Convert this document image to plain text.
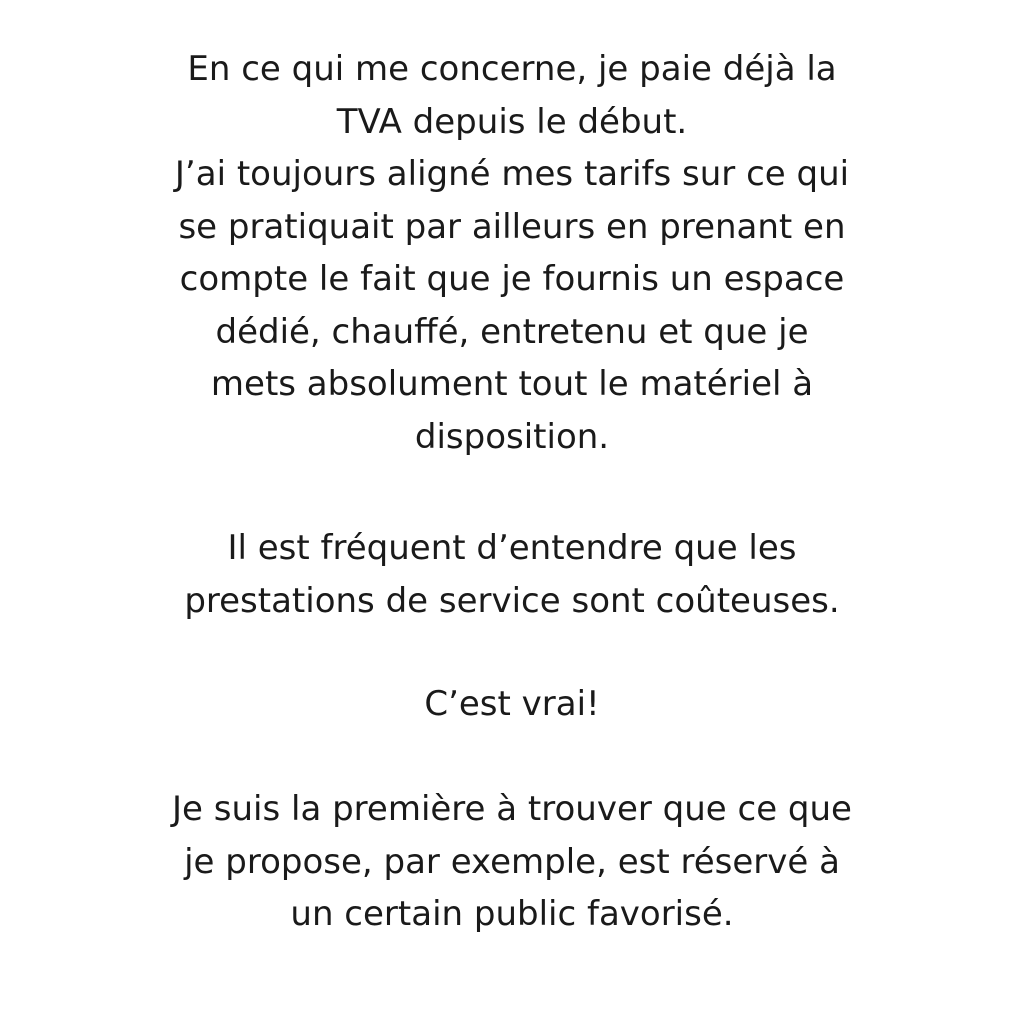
En ce qui me concerne, je paie déjà la
TVA depuis le début.
J’ai toujours aligné mes tarifs sur ce qui
se pratiquait par ailleurs en prenant en
compte le fait que je fournis un espace
dédié, chauffé, entretenu et que je
mets absolument tout le matériel à
disposition.
Il est fréquent d’entendre que les
prestations de service sont coûteuses.
C’est vrai!
Je suis la première à trouver que ce que
je propose, par exemple, est réservé à
un certain public favorisé.
